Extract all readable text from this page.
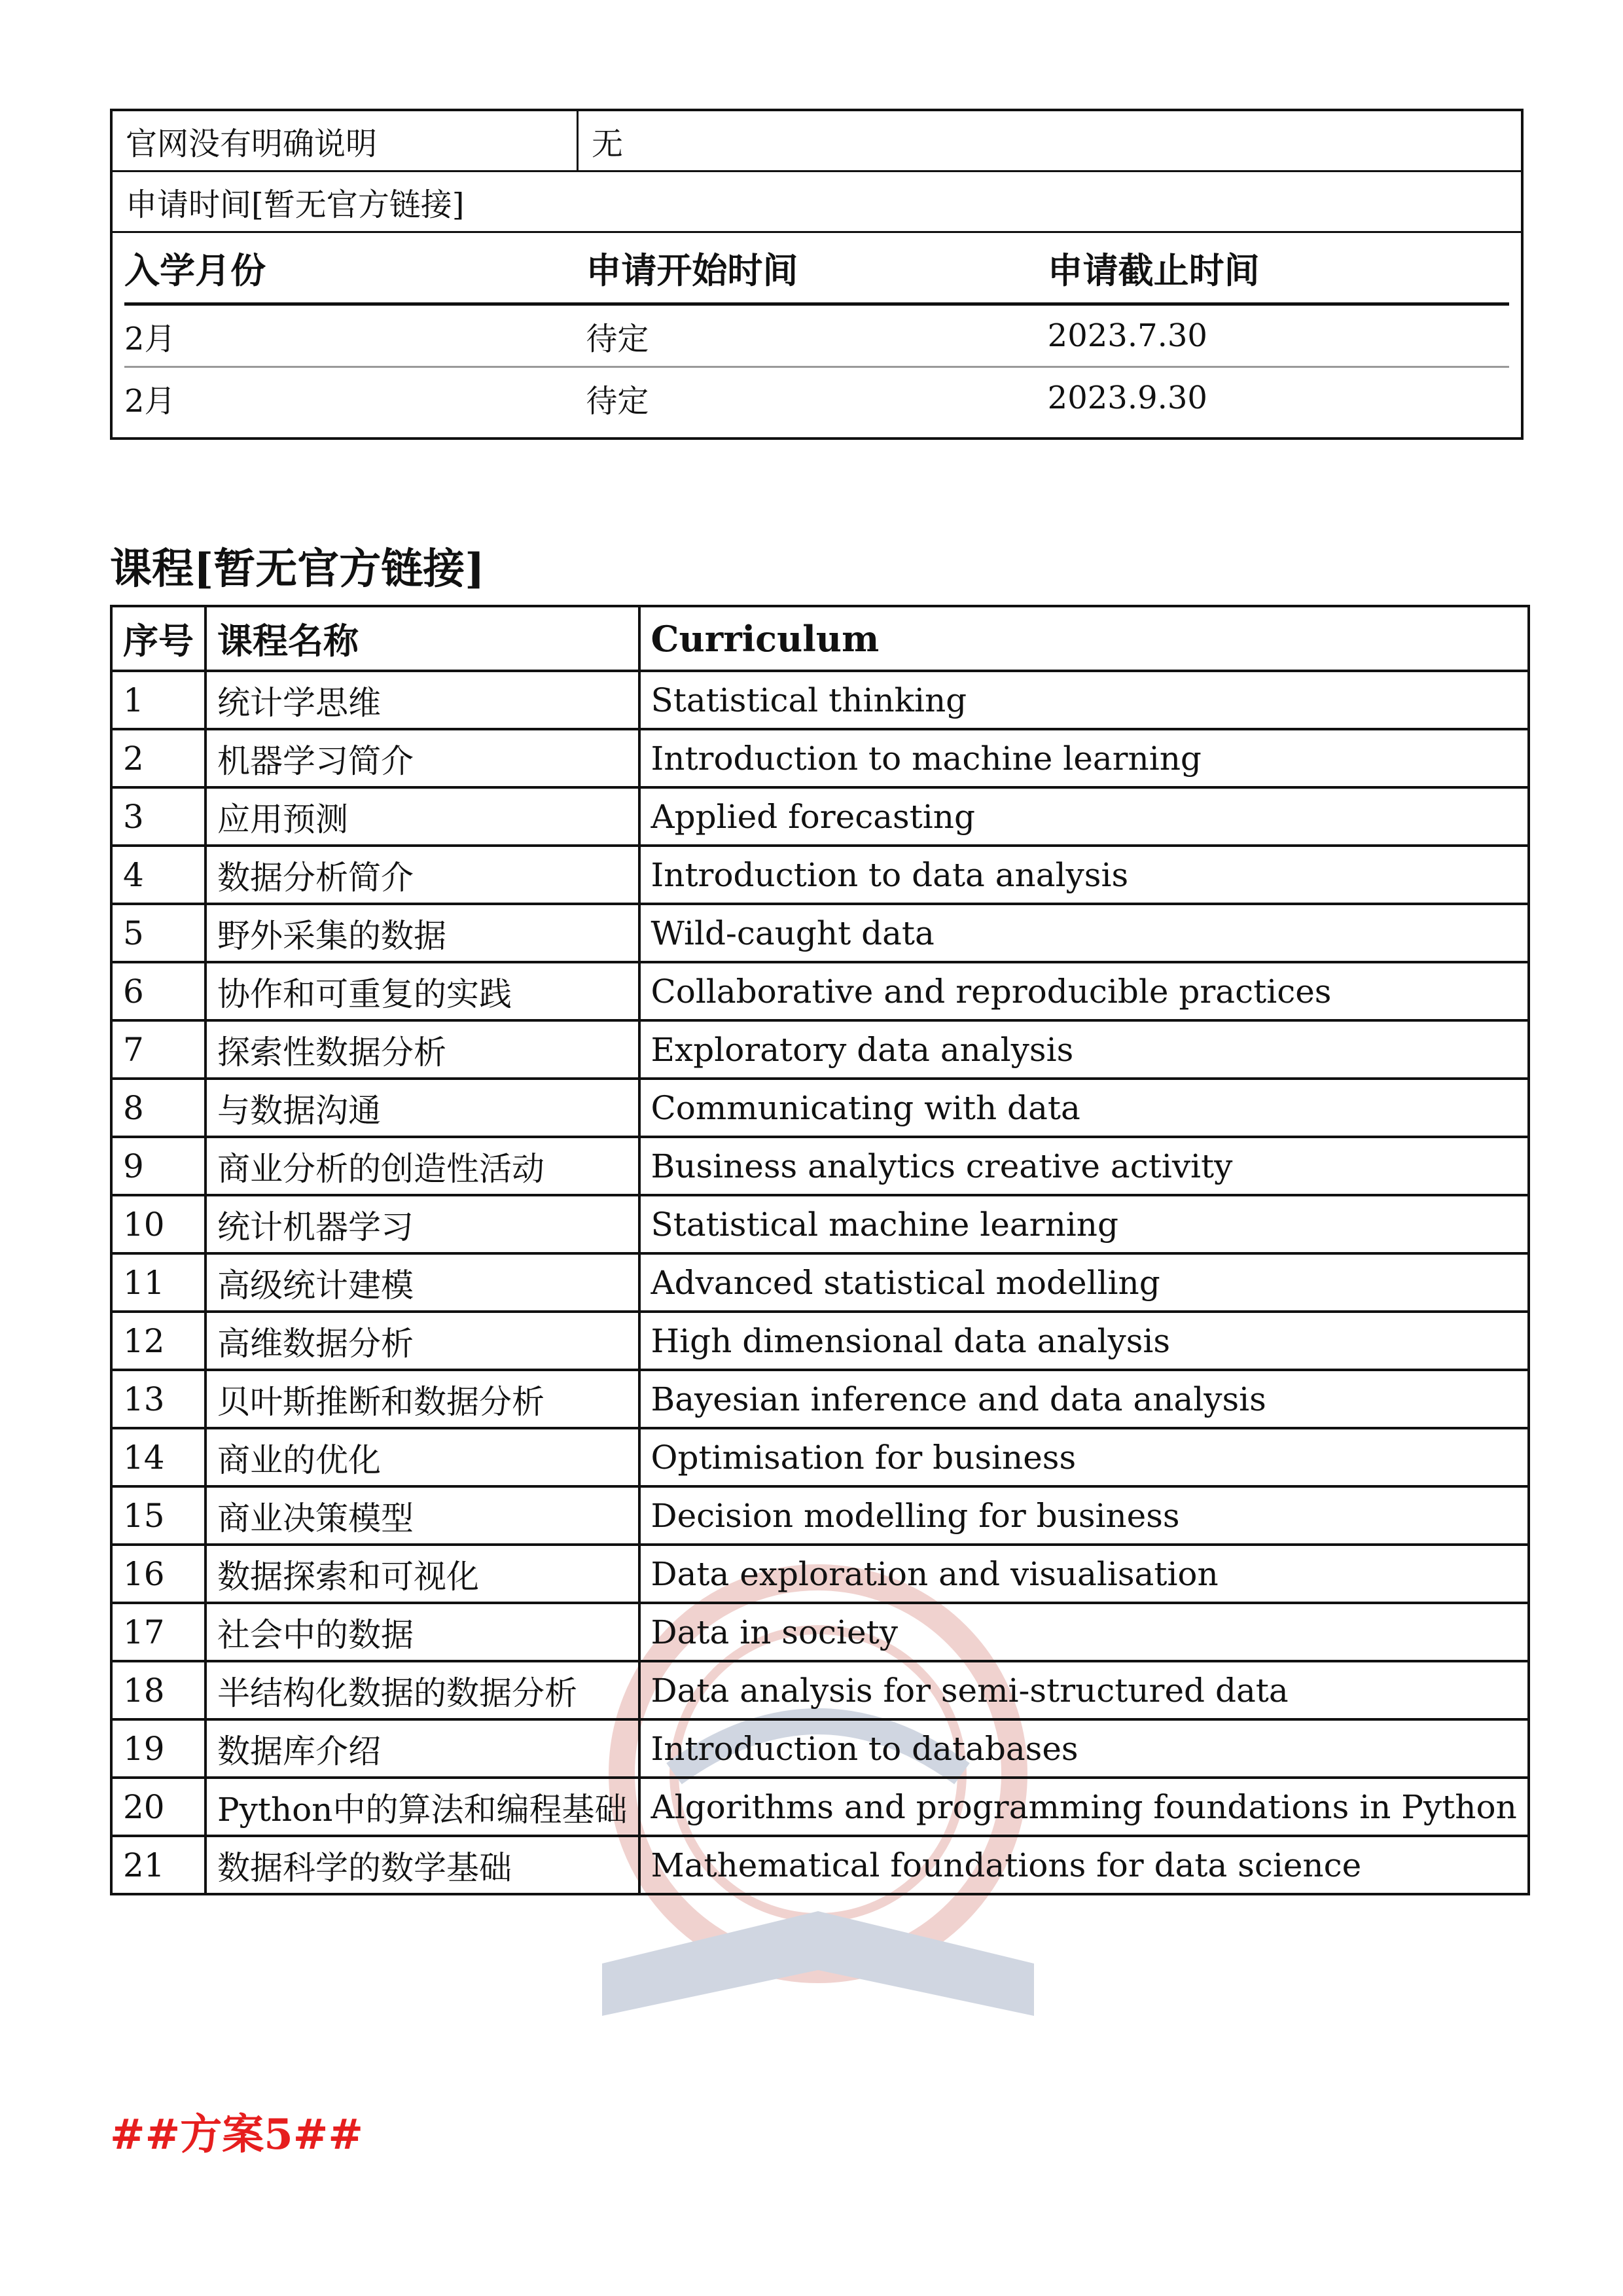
官网没有明确说明	无
申请时间[暂无官方链接]
入学月份	申请开始时间	申请截止时间
2月	待定	2023.7.30
2月	待定	2023.9.30
课程[暂无官方链接]
序号	课程名称	Curriculum
1	统计学思维	Statistical thinking
2	机器学习简介	Introduction to machine learning
3	应用预测	Applied forecasting
4	数据分析简介	Introduction to data analysis
5	野外采集的数据	Wild-caught data
6	协作和可重复的实践	Collaborative and reproducible practices
7	探索性数据分析	Exploratory data analysis
8	与数据沟通	Communicating with data
9	商业分析的创造性活动	Business analytics creative activity
10	统计机器学习	Statistical machine learning
11	高级统计建模	Advanced statistical modelling
12	高维数据分析	High dimensional data analysis
13	贝叶斯推断和数据分析	Bayesian inference and data analysis
14	商业的优化	Optimisation for business
15	商业决策模型	Decision modelling for business
16	数据探索和可视化	Data exploration and visualisation
17	社会中的数据	Data in society
18	半结构化数据的数据分析	Data analysis for semi-structured data
19	数据库介绍	Introduction to databases
20	Python中的算法和编程基础	Algorithms and programming foundations in Python
21	数据科学的数学基础	Mathematical foundations for data science
##方案5##
